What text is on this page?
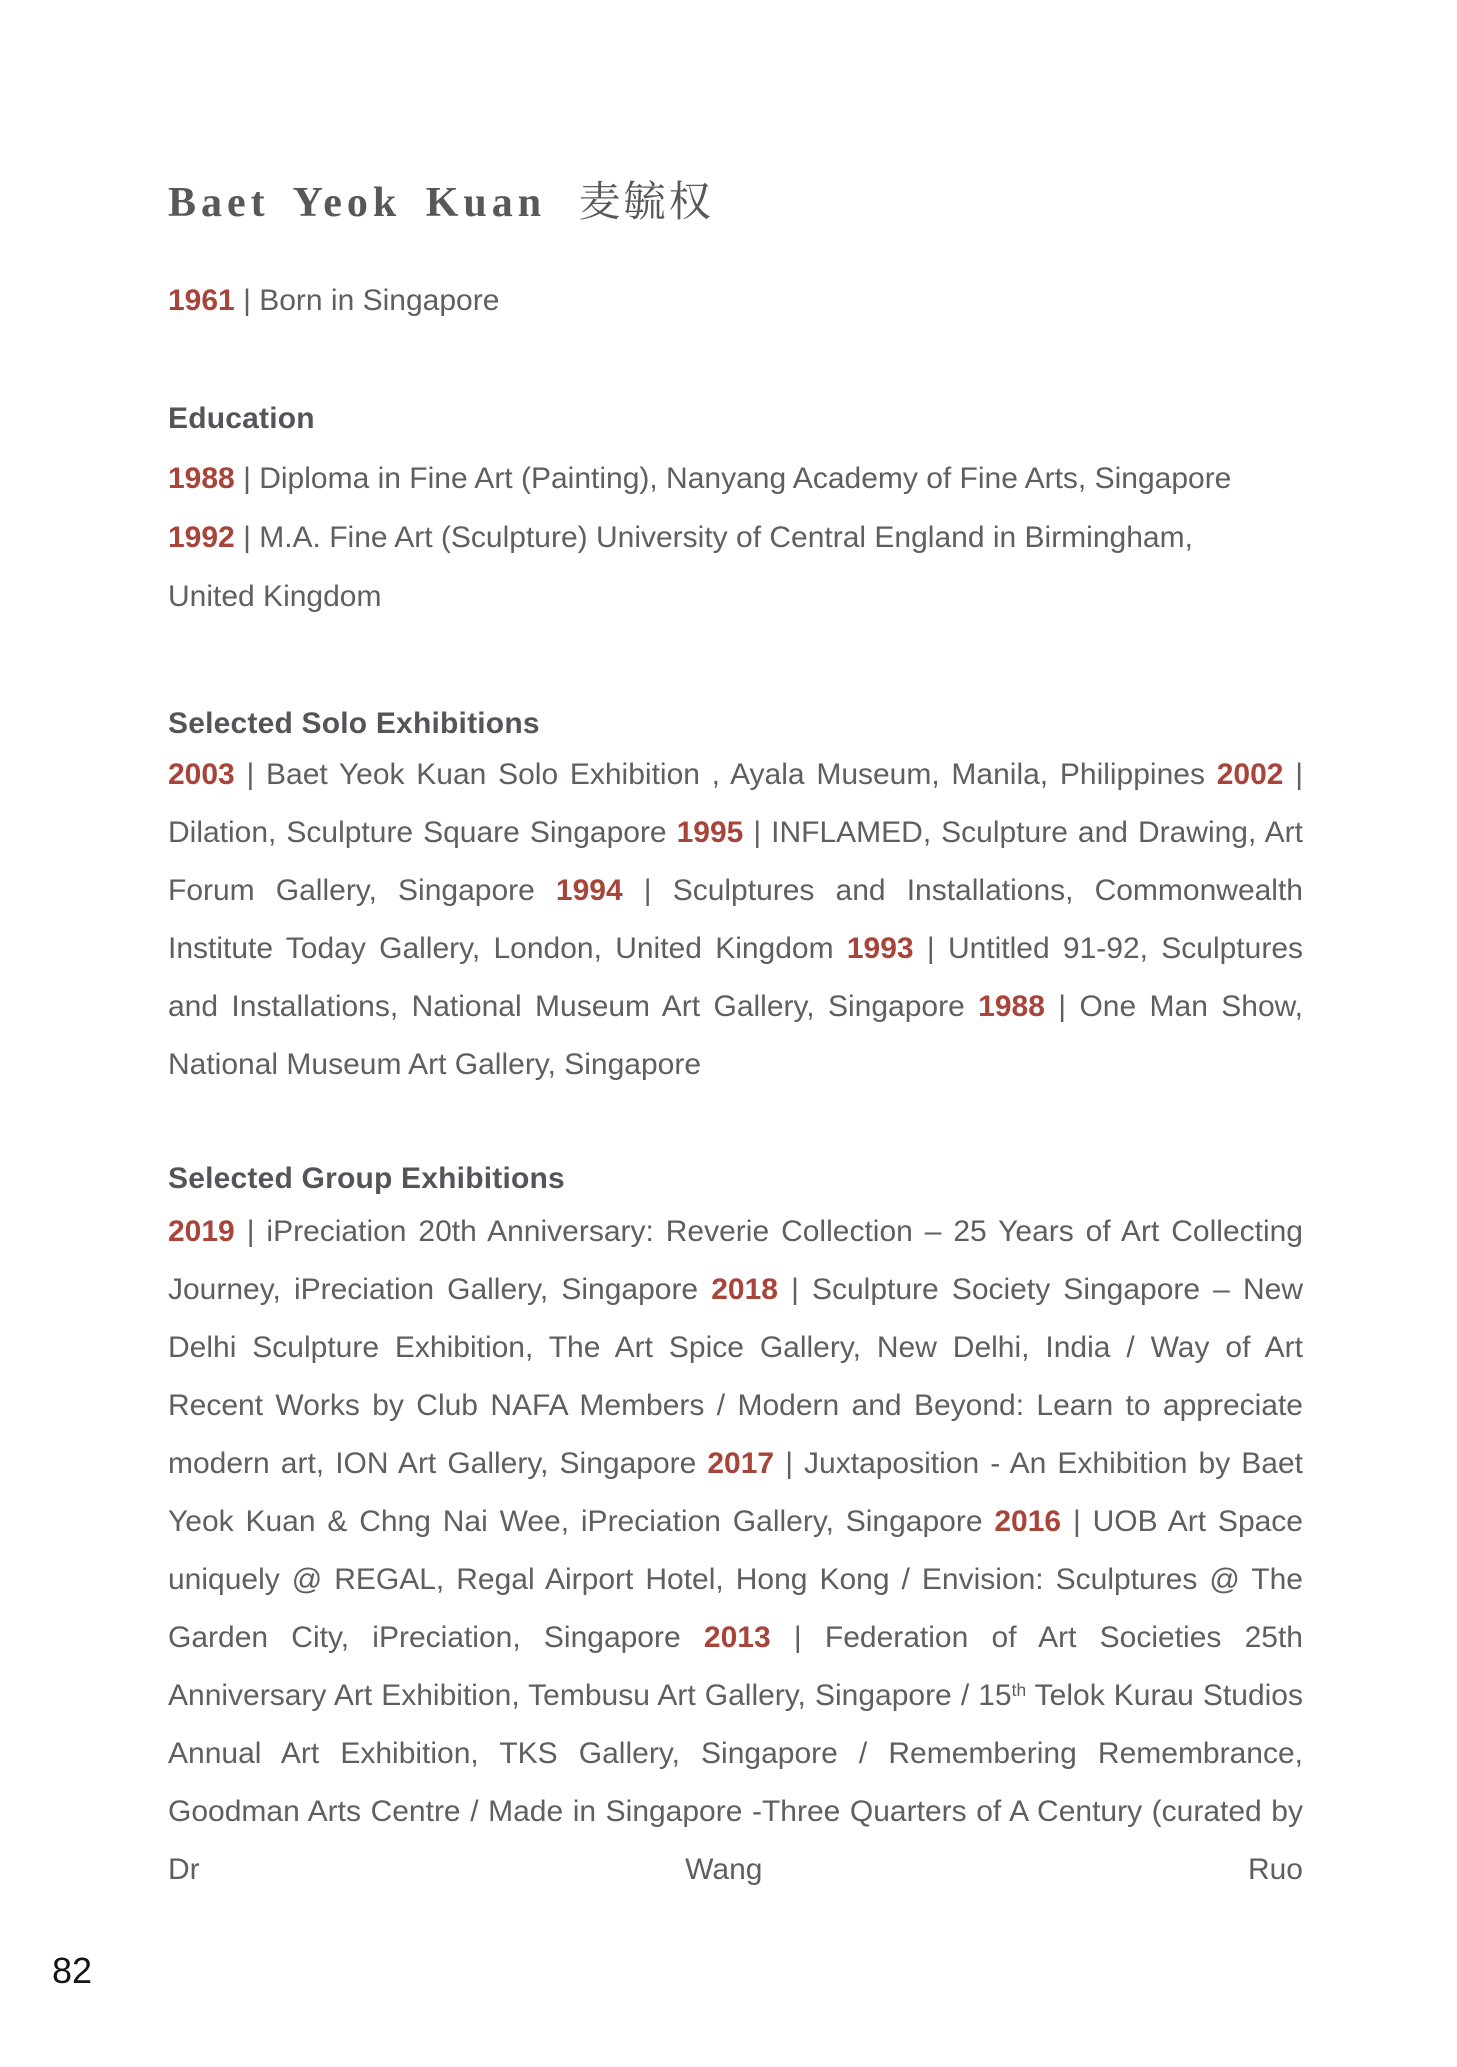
Baet Yeok Kuan 麦毓权

1961 | Born in Singapore

Education

1988 | Diploma in Fine Art (Painting), Nanyang Academy of Fine Arts, Singapore
1992 | M.A. Fine Art (Sculpture) University of Central England in Birmingham,
United Kingdom

Selected Solo Exhibitions

2003 | Baet Yeok Kuan Solo Exhibition , Ayala Museum, Manila, Philippines 2002 | Dilation, Sculpture Square Singapore 1995 | INFLAMED, Sculpture and Drawing, Art Forum Gallery, Singapore 1994 | Sculptures and Installations, Commonwealth Institute Today Gallery, London, United Kingdom 1993 | Untitled 91-92, Sculptures and Installations, National Museum Art Gallery, Singapore 1988 | One Man Show, National Museum Art Gallery, Singapore

Selected Group Exhibitions

2019 | iPreciation 20th Anniversary: Reverie Collection – 25 Years of Art Collecting Journey, iPreciation Gallery, Singapore 2018 | Sculpture Society Singapore – New Delhi Sculpture Exhibition, The Art Spice Gallery, New Delhi, India / Way of Art Recent Works by Club NAFA Members / Modern and Beyond: Learn to appreciate modern art, ION Art Gallery, Singapore 2017 | Juxtaposition - An Exhibition by Baet Yeok Kuan & Chng Nai Wee, iPreciation Gallery, Singapore 2016 | UOB Art Space uniquely @ REGAL, Regal Airport Hotel, Hong Kong / Envision: Sculptures @ The Garden City, iPreciation, Singapore 2013 | Federation of Art Societies 25th Anniversary Art Exhibition, Tembusu Art Gallery, Singapore / 15th Telok Kurau Studios Annual Art Exhibition, TKS Gallery, Singapore / Remembering Remembrance, Goodman Arts Centre / Made in Singapore -Three Quarters of A Century (curated by Dr Wang Ruo

82
